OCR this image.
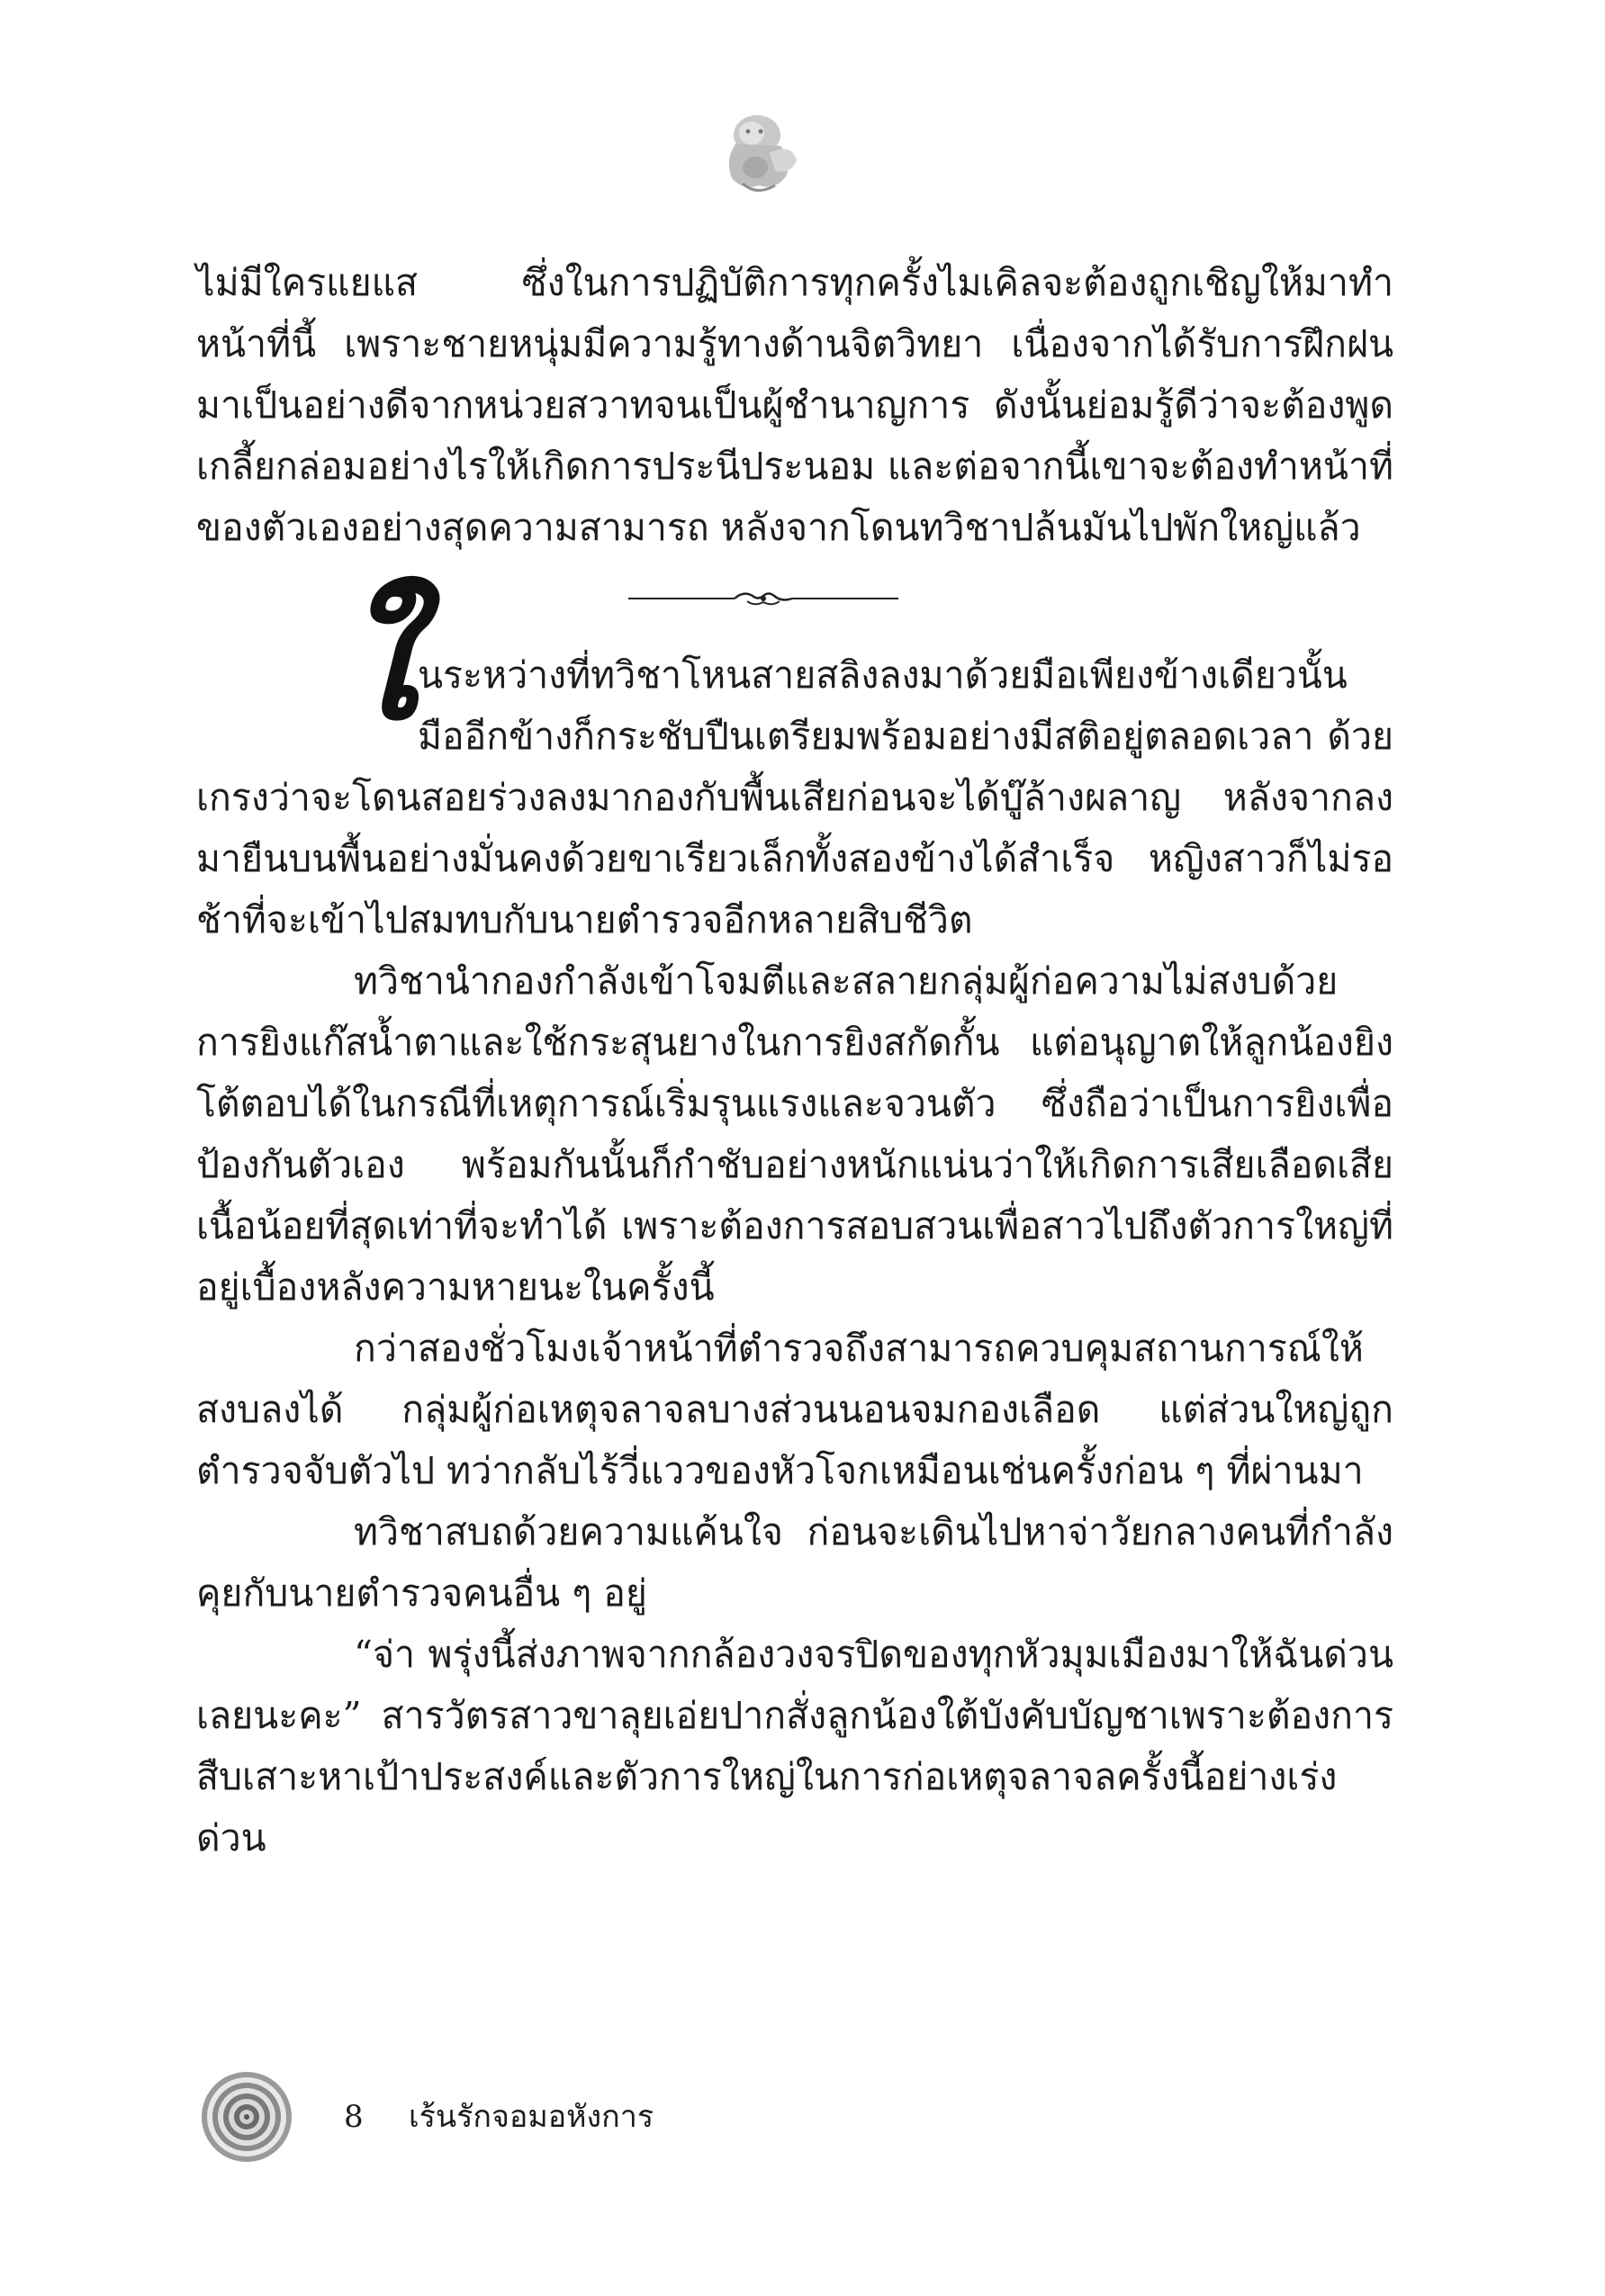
ไม่มีใครแยแส ซึ่งในการปฏิบัติการทุกครั้งไมเคิลจะต้องถูกเชิญให้มาทำหน้าที่นี้ เพราะชายหนุ่มมีความรู้ทางด้านจิตวิทยา เนื่องจากได้รับการฝึกฝนมาเป็นอย่างดีจากหน่วยสวาทจนเป็นผู้ชำนาญการ ดังนั้นย่อมรู้ดีว่าจะต้องพูดเกลี้ยกล่อมอย่างไรให้เกิดการประนีประนอม และต่อจากนี้เขาจะต้องทำหน้าที่ของตัวเองอย่างสุดความสามารถ หลังจากโดนทวิชาปล้นมันไปพักใหญ่แล้ว

ในระหว่างที่ทวิชาโหนสายสลิงลงมาด้วยมือเพียงข้างเดียวนั้น มืออีกข้างก็กระชับปืนเตรียมพร้อมอย่างมีสติอยู่ตลอดเวลา ด้วยเกรงว่าจะโดนสอยร่วงลงมากองกับพื้นเสียก่อนจะได้บู๊ล้างผลาญ หลังจากลงมายืนบนพื้นอย่างมั่นคงด้วยขาเรียวเล็กทั้งสองข้างได้สำเร็จ หญิงสาวก็ไม่รอช้าที่จะเข้าไปสมทบกับนายตำรวจอีกหลายสิบชีวิต

ทวิชานำกองกำลังเข้าโจมตีและสลายกลุ่มผู้ก่อความไม่สงบด้วยการยิงแก๊สน้ำตาและใช้กระสุนยางในการยิงสกัดกั้น แต่อนุญาตให้ลูกน้องยิงโต้ตอบได้ในกรณีที่เหตุการณ์เริ่มรุนแรงและจวนตัว ซึ่งถือว่าเป็นการยิงเพื่อป้องกันตัวเอง พร้อมกันนั้นก็กำชับอย่างหนักแน่นว่าให้เกิดการเสียเลือดเสียเนื้อน้อยที่สุดเท่าที่จะทำได้ เพราะต้องการสอบสวนเพื่อสาวไปถึงตัวการใหญ่ที่อยู่เบื้องหลังความหายนะในครั้งนี้

กว่าสองชั่วโมงเจ้าหน้าที่ตำรวจถึงสามารถควบคุมสถานการณ์ให้สงบลงได้ กลุ่มผู้ก่อเหตุจลาจลบางส่วนนอนจมกองเลือด แต่ส่วนใหญ่ถูกตำรวจจับตัวไป ทว่ากลับไร้วี่แววของหัวโจกเหมือนเช่นครั้งก่อน ๆ ที่ผ่านมา

ทวิชาสบถด้วยความแค้นใจ ก่อนจะเดินไปหาจ่าวัยกลางคนที่กำลังคุยกับนายตำรวจคนอื่น ๆ อยู่

“จ่า พรุ่งนี้ส่งภาพจากกล้องวงจรปิดของทุกหัวมุมเมืองมาให้ฉันด่วนเลยนะคะ” สารวัตรสาวขาลุยเอ่ยปากสั่งลูกน้องใต้บังคับบัญชาเพราะต้องการสืบเสาะหาเป้าประสงค์และตัวการใหญ่ในการก่อเหตุจลาจลครั้งนี้อย่างเร่งด่วน

8 เร้นรักจอมอหังการ
